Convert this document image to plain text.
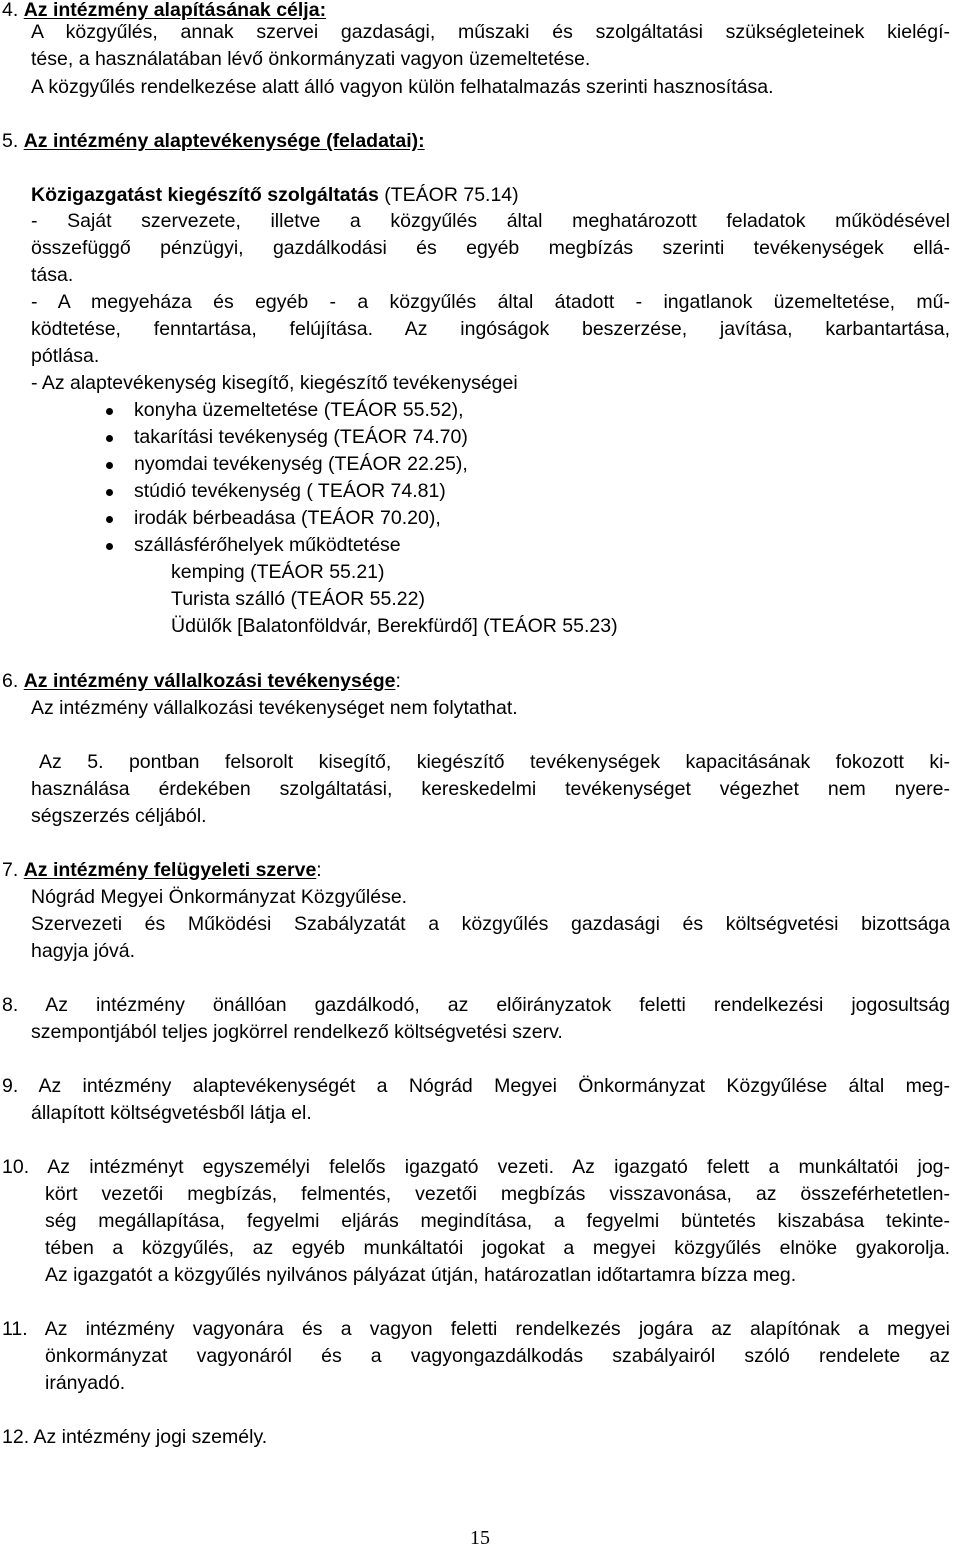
4. Az intézmény alapításának célja:
A közgyűlés, annak szervei gazdasági, műszaki és szolgáltatási szükségleteinek kielégí-
tése, a használatában lévő önkormányzati vagyon üzemeltetése.
A közgyűlés rendelkezése alatt álló vagyon külön felhatalmazás szerinti hasznosítása.
5. Az intézmény alaptevékenysége (feladatai):
Közigazgatást kiegészítő szolgáltatás (TEÁOR 75.14)
- Saját szervezete, illetve a közgyűlés által meghatározott feladatok működésével
összefüggő pénzügyi, gazdálkodási és egyéb megbízás szerinti tevékenységek ellá-
tása.
- A megyeháza és egyéb - a közgyűlés által átadott - ingatlanok üzemeltetése, mű-
ködtetése, fenntartása, felújítása. Az ingóságok beszerzése, javítása, karbantartása,
pótlása.
- Az alaptevékenység kisegítő, kiegészítő tevékenységei
konyha üzemeltetése (TEÁOR 55.52),
takarítási tevékenység (TEÁOR 74.70)
nyomdai tevékenység (TEÁOR 22.25),
stúdió tevékenység ( TEÁOR 74.81)
irodák bérbeadása (TEÁOR 70.20),
szállásférőhelyek működtetése
kemping (TEÁOR 55.21)
Turista szálló (TEÁOR 55.22)
Üdülők [Balatonföldvár, Berekfürdő] (TEÁOR 55.23)
6. Az intézmény vállalkozási tevékenysége:
Az intézmény vállalkozási tevékenységet nem folytathat.
Az 5. pontban felsorolt kisegítő, kiegészítő tevékenységek kapacitásának fokozott ki-
használása érdekében szolgáltatási, kereskedelmi tevékenységet végezhet nem nyere-
ségszerzés céljából.
7. Az intézmény felügyeleti szerve:
Nógrád Megyei Önkormányzat Közgyűlése.
Szervezeti és Működési Szabályzatát a közgyűlés gazdasági és költségvetési bizottsága
hagyja jóvá.
8. Az intézmény önállóan gazdálkodó, az előirányzatok feletti rendelkezési jogosultság
szempontjából teljes jogkörrel rendelkező költségvetési szerv.
9. Az intézmény alaptevékenységét a Nógrád Megyei Önkormányzat Közgyűlése által meg-
állapított költségvetésből látja el.
10. Az intézményt egyszemélyi felelős igazgató vezeti. Az igazgató felett a munkáltatói jog-
kört vezetői megbízás, felmentés, vezetői megbízás visszavonása, az összeférhetetlen-
ség megállapítása, fegyelmi eljárás megindítása, a fegyelmi büntetés kiszabása tekinte-
tében a közgyűlés, az egyéb munkáltatói jogokat a megyei közgyűlés elnöke gyakorolja.
Az igazgatót a közgyűlés nyilvános pályázat útján, határozatlan időtartamra bízza meg.
11. Az intézmény vagyonára és a vagyon feletti rendelkezés jogára az alapítónak a megyei
önkormányzat vagyonáról és a vagyongazdálkodás szabályairól szóló rendelete az
irányadó.
12. Az intézmény jogi személy.
15
